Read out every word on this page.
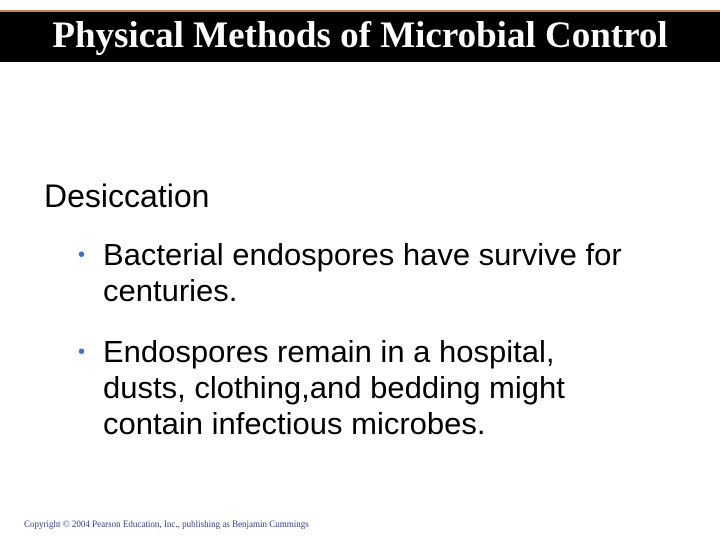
Physical Methods of Microbial Control
Desiccation
• Bacterial endospores have survive for
centuries.
• Endospores remain in a hospital,
dusts, clothing,and bedding might
contain infectious microbes.
Copyright © 2004 Pearson Education, Inc., publishing as Benjamin Cummings
